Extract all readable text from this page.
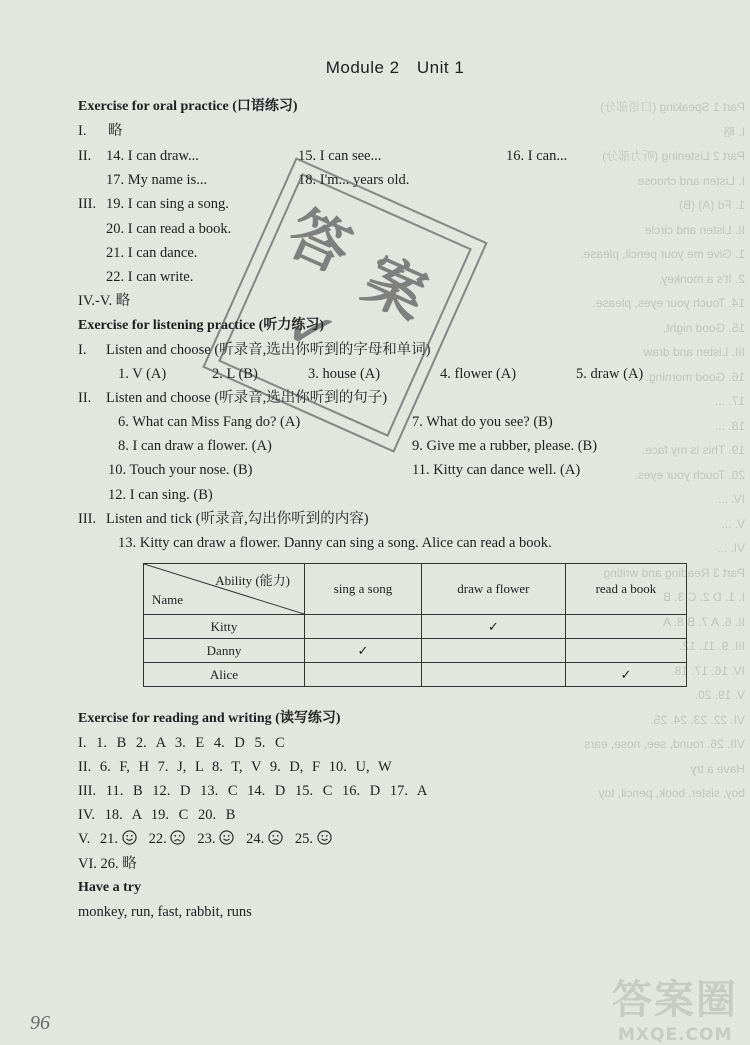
Part 1 Speaking (口语部分)
I. 略
Part 2 Listening (听力部分)
I. Listen and choose
1. Fd (A) (B)
II. Listen and circle
1. Give me your pencil, please.
2. It's a monkey.
14. Touch your eyes, please.
15. Good night.
III. Listen and draw
16. Good morning.
17. ...
18. ...
19. This is my face.
20. Touch your eyes.
IV. ...
V. ...
VI. ...
Part 3 Reading and writing
I. 1. D 2. C 3. B
II. 6. A 7. B 8. A
III. 9. 11. 12.
IV. 16. 17. 18.
V. 19. 20.
VI. 22. 23. 24. 25.
VII. 26. round, see, nose, ears
Have a try
boy, sister, book, pencil, toy
Module 2 Unit 1
Exercise for oral practice (口语练习)
I. 略
II. 14. I can draw...	15. I can see...	16. I can...
17. My name is...	18. I'm... years old.
III. 19. I can sing a song.
20. I can read a book.
21. I can dance.
22. I can write.
IV.-V. 略
Exercise for listening practice (听力练习)
I. Listen and choose (听录音,选出你听到的字母和单词)
1. V (A)	2. L (B)	3. house (A)	4. flower (A)	5. draw (A)
II. Listen and choose (听录音,选出你听到的句子)
6. What can Miss Fang do? (A)	7. What do you see? (B)
8. I can draw a flower. (A)	9. Give me a rubber, please. (B)
10. Touch your nose. (B)	11. Kitty can dance well. (A)
12. I can sing. (B)
III. Listen and tick (听录音,勾出你听到的内容)
13. Kitty can draw a flower. Danny can sing a song. Alice can read a book.
Ability (能力)
Name	sing a song	draw a flower	read a book
Kitty		✓	
Danny	✓		
Alice			✓
Exercise for reading and writing (读写练习)
I. 1. B 2. A 3. E 4. D 5. C
II. 6. F, H 7. J, L 8. T, V 9. D, F 10. U, W
III. 11. B 12. D 13. C 14. D 15. C 16. D 17. A
IV. 18. A 19. C 20. B
V. 21. 22. 23. 24. 25.
VI. 26. 略
Have a try
monkey, run, fast, rabbit, runs
答
案
✓
96	答案圈
MXQE.COM
